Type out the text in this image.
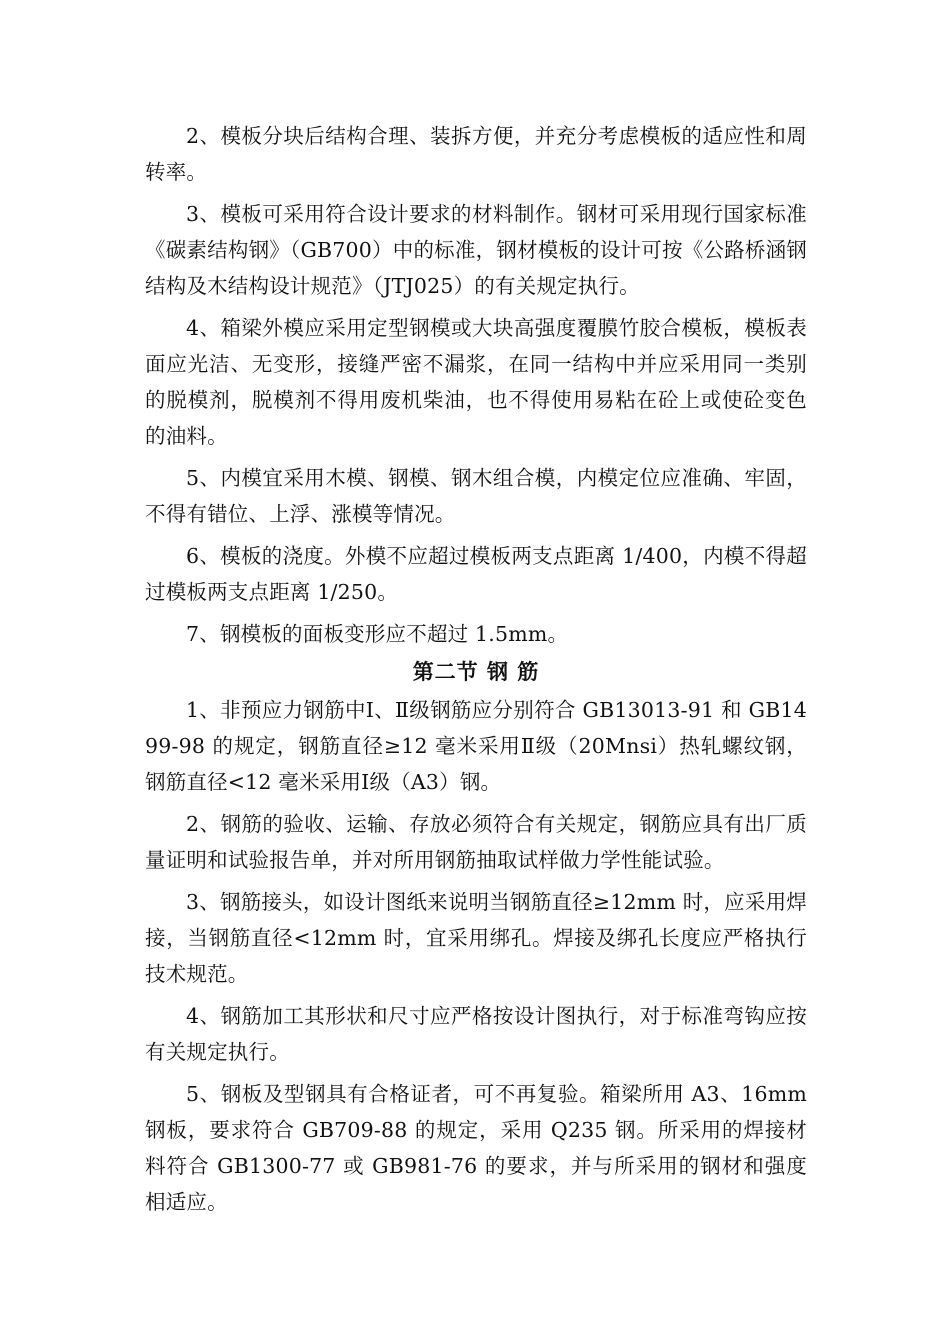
2、模板分块后结构合理、装拆方便，并充分考虑模板的适应性和周转率。

3、模板可采用符合设计要求的材料制作。钢材可采用现行国家标准《碳素结构钢》（GB700）中的标准，钢材模板的设计可按《公路桥涵钢结构及木结构设计规范》（JTJ025）的有关规定执行。

4、箱梁外模应采用定型钢模或大块高强度覆膜竹胶合模板，模板表面应光洁、无变形，接缝严密不漏浆，在同一结构中并应采用同一类别的脱模剂，脱模剂不得用废机柴油，也不得使用易粘在砼上或使砼变色的油料。

5、内模宜采用木模、钢模、钢木组合模，内模定位应准确、牢固，不得有错位、上浮、涨模等情况。

6、模板的浇度。外模不应超过模板两支点距离 1/400，内模不得超过模板两支点距离 1/250。

7、钢模板的面板变形应不超过 1.5mm。

第二节 钢 筋

1、非预应力钢筋中Ⅰ、Ⅱ级钢筋应分别符合 GB13013-91 和 GB1499-98 的规定，钢筋直径≥12 毫米采用Ⅱ级（20Mnsi）热轧螺纹钢，钢筋直径<12 毫米采用Ⅰ级（A3）钢。

2、钢筋的验收、运输、存放必须符合有关规定，钢筋应具有出厂质量证明和试验报告单，并对所用钢筋抽取试样做力学性能试验。

3、钢筋接头，如设计图纸来说明当钢筋直径≥12mm 时，应采用焊接，当钢筋直径<12mm 时，宜采用绑孔。焊接及绑孔长度应严格执行技术规范。

4、钢筋加工其形状和尺寸应严格按设计图执行，对于标准弯钩应按有关规定执行。

5、钢板及型钢具有合格证者，可不再复验。箱梁所用 A3、16mm 钢板，要求符合 GB709-88 的规定，采用 Q235 钢。所采用的焊接材料符合 GB1300-77 或 GB981-76 的要求，并与所采用的钢材和强度相适应。
